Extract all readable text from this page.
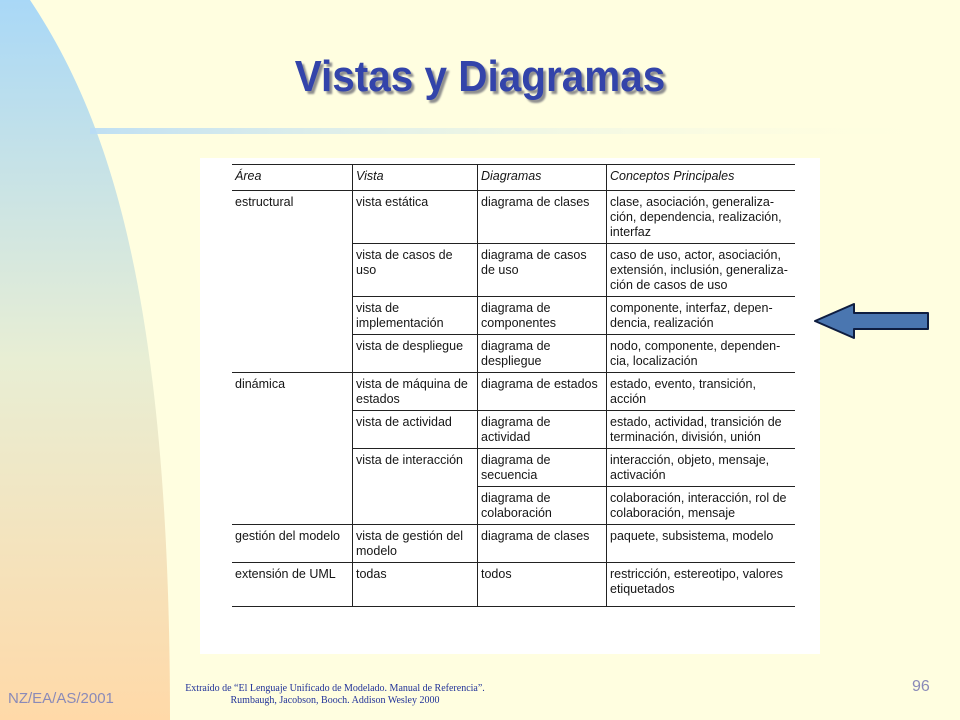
Vistas y Diagramas
Área	Vista	Diagramas	Conceptos Principales
estructural	vista estática	diagrama de clases	clase, asociación, generaliza-ción, dependencia, realización, interfaz
	vista de casos de uso	diagrama de casos de uso	caso de uso, actor, asociación, extensión, inclusión, generaliza-ción de casos de uso
	vista de implementación	diagrama de componentes	componente, interfaz, depen-dencia, realización
	vista de despliegue	diagrama de despliegue	nodo, componente, dependen-cia, localización
dinámica	vista de máquina de estados	diagrama de estados	estado, evento, transición, acción
	vista de actividad	diagrama de actividad	estado, actividad, transición de terminación, división, unión
	vista de interacción	diagrama de secuencia	interacción, objeto, mensaje, activación
		diagrama de colaboración	colaboración, interacción, rol de colaboración, mensaje
gestión del modelo	vista de gestión del modelo	diagrama de clases	paquete, subsistema, modelo
extensión de UML	todas	todos	restricción, estereotipo, valores etiquetados
NZ/EA/AS/2001
Extraído de “El Lenguaje Unificado de Modelado. Manual de Referencia”.
Rumbaugh, Jacobson, Booch. Addison Wesley 2000
96
